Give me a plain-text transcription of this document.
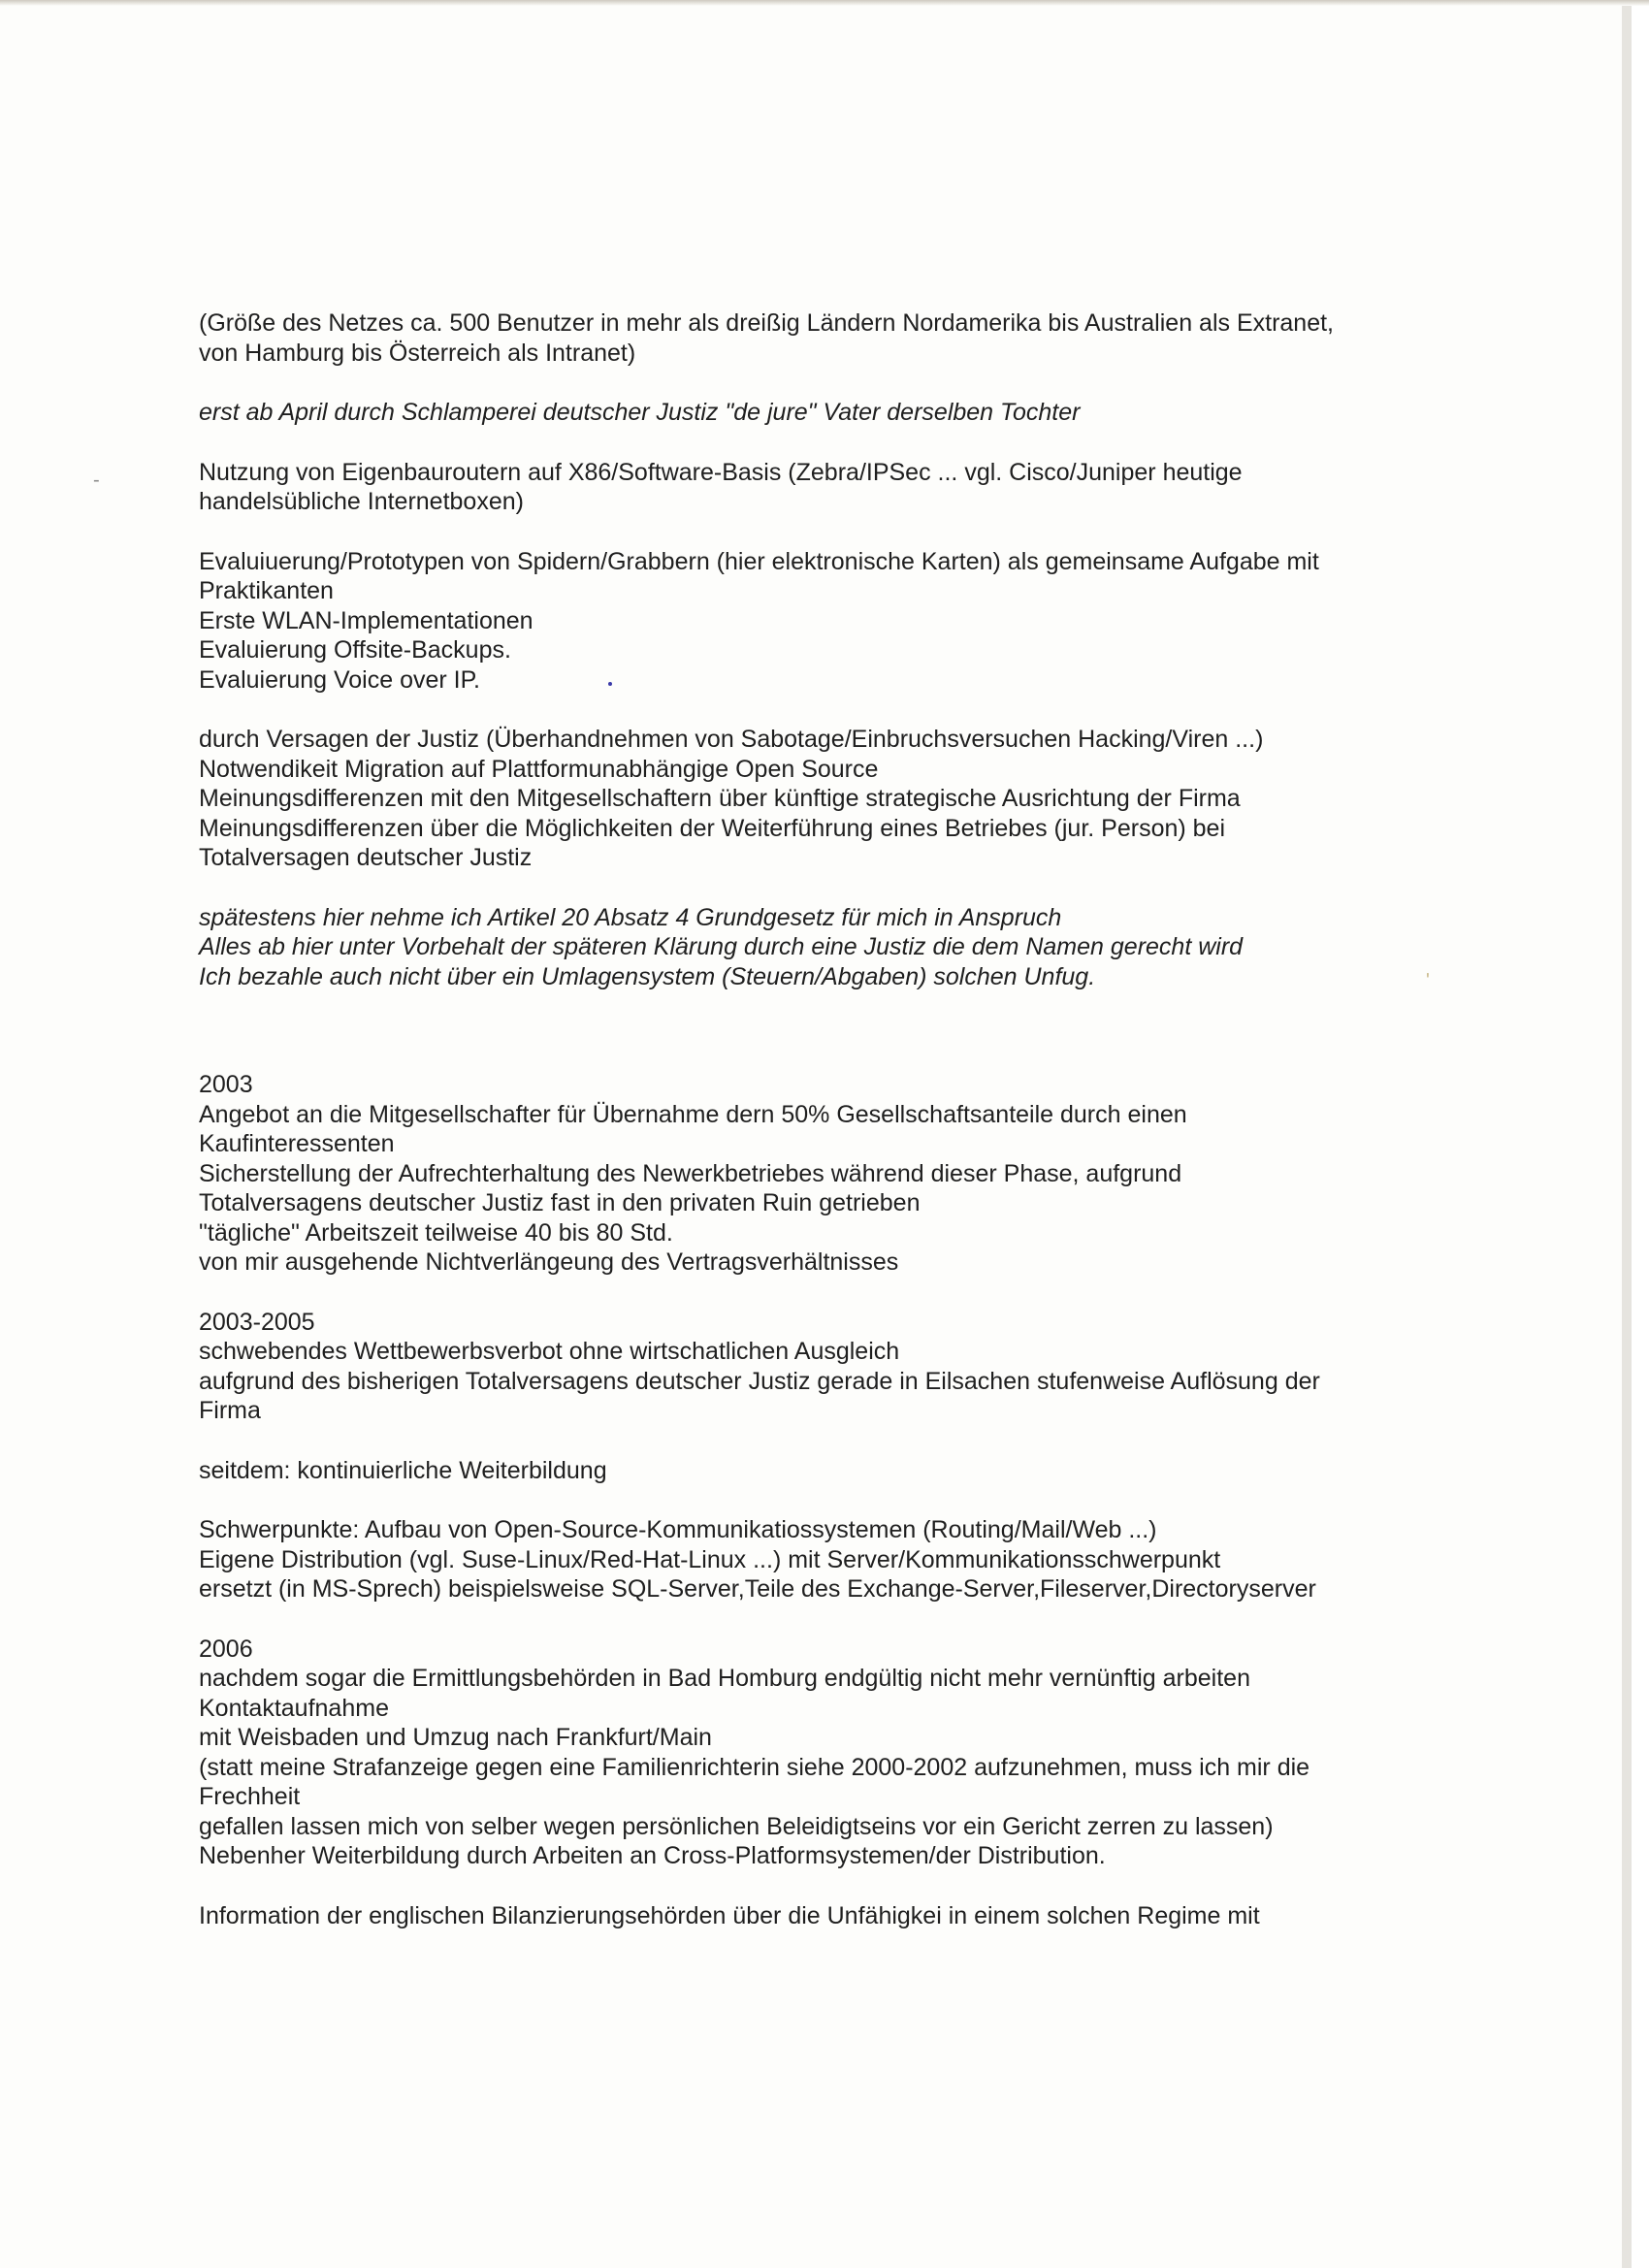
‑
ʹ

(Größe des Netzes ca. 500 Benutzer in mehr als dreißig Ländern Nordamerika bis Australien als Extranet,

von Hamburg bis Österreich als Intranet)

erst ab April durch Schlamperei deutscher Justiz "de jure" Vater derselben Tochter

Nutzung von Eigenbauroutern auf X86/Software-Basis (Zebra/IPSec ... vgl. Cisco/Juniper heutige

handelsübliche Internetboxen)

Evaluiuerung/Prototypen von Spidern/Grabbern (hier elektronische Karten) als gemeinsame Aufgabe mit

Praktikanten

Erste WLAN-Implementationen

Evaluierung Offsite-Backups.

Evaluierung Voice over IP.

durch Versagen der Justiz (Überhandnehmen von Sabotage/Einbruchsversuchen Hacking/Viren ...)

Notwendikeit Migration auf Plattformunabhängige Open Source

Meinungsdifferenzen mit den Mitgesellschaftern über künftige strategische Ausrichtung der Firma

Meinungsdifferenzen über die Möglichkeiten der Weiterführung eines Betriebes (jur. Person) bei

Totalversagen deutscher Justiz

spätestens hier nehme ich Artikel 20 Absatz 4 Grundgesetz für mich in Anspruch

Alles ab hier unter Vorbehalt der späteren Klärung durch eine Justiz die dem Namen gerecht wird

Ich bezahle auch nicht über ein Umlagensystem (Steuern/Abgaben) solchen Unfug.

2003

Angebot an die Mitgesellschafter für Übernahme dern 50% Gesellschaftsanteile durch einen

Kaufinteressenten

Sicherstellung der Aufrechterhaltung des Newerkbetriebes während dieser Phase, aufgrund

Totalversagens deutscher Justiz fast in den privaten Ruin getrieben

"tägliche" Arbeitszeit teilweise 40 bis 80 Std.

von mir ausgehende Nichtverlängeung des Vertragsverhältnisses

2003-2005

schwebendes Wettbewerbsverbot ohne wirtschatlichen Ausgleich

aufgrund des bisherigen Totalversagens deutscher Justiz gerade in Eilsachen stufenweise Auflösung der

Firma

seitdem: kontinuierliche Weiterbildung

Schwerpunkte: Aufbau von Open-Source-Kommunikatiossystemen (Routing/Mail/Web ...)

Eigene Distribution (vgl. Suse-Linux/Red-Hat-Linux ...) mit Server/Kommunikationsschwerpunkt

ersetzt (in MS-Sprech) beispielsweise SQL-Server,Teile des Exchange-Server,Fileserver,Directoryserver

2006

nachdem sogar die Ermittlungsbehörden in Bad Homburg endgültig nicht mehr vernünftig arbeiten

Kontaktaufnahme

mit Weisbaden und Umzug nach Frankfurt/Main

(statt meine Strafanzeige gegen eine Familienrichterin siehe 2000-2002 aufzunehmen, muss ich mir die

Frechheit

gefallen lassen mich von selber wegen persönlichen Beleidigtseins vor ein Gericht zerren zu lassen)

Nebenher Weiterbildung durch Arbeiten an Cross-Platformsystemen/der Distribution.

Information der englischen Bilanzierungsehörden über die Unfähigkei in einem solchen Regime mit
